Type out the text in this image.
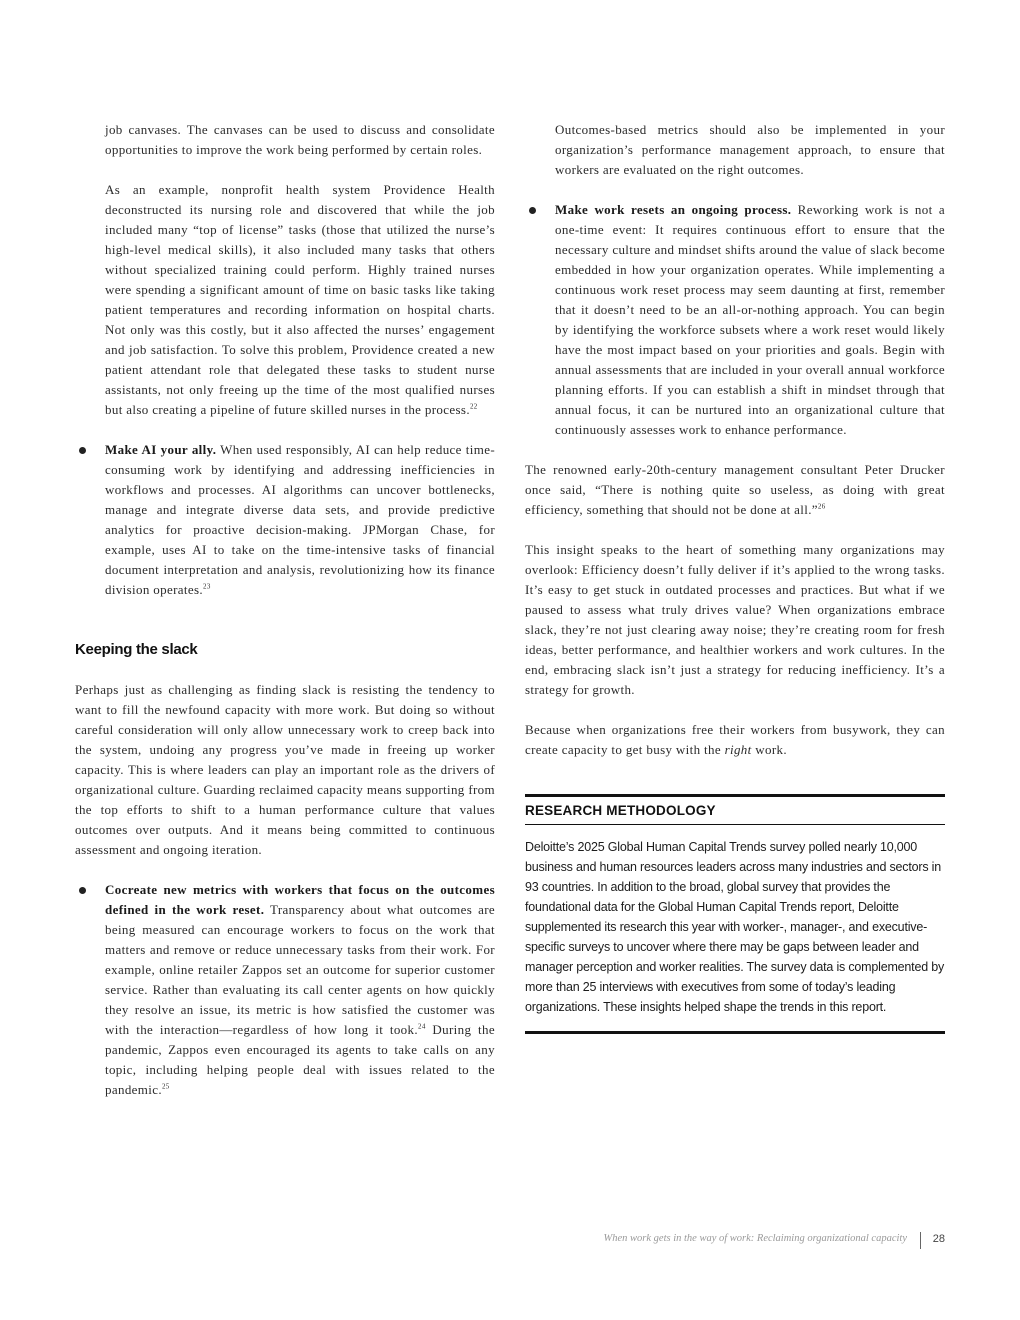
job canvases. The canvases can be used to discuss and consolidate opportunities to improve the work being performed by certain roles.

As an example, nonprofit health system Providence Health deconstructed its nursing role and discovered that while the job included many “top of license” tasks (those that utilized the nurse’s high-level medical skills), it also included many tasks that others without specialized training could perform. Highly trained nurses were spending a significant amount of time on basic tasks like taking patient temperatures and recording information on hospital charts. Not only was this costly, but it also affected the nurses’ engagement and job satisfaction. To solve this problem, Providence created a new patient attendant role that delegated these tasks to student nurse assistants, not only freeing up the time of the most qualified nurses but also creating a pipeline of future skilled nurses in the process.$^{22}$

Make AI your ally. When used responsibly, AI can help reduce time-consuming work by identifying and addressing inefficiencies in workflows and processes. AI algorithms can uncover bottlenecks, manage and integrate diverse data sets, and provide predictive analytics for proactive decision-making. JPMorgan Chase, for example, uses AI to take on the time-intensive tasks of financial document interpretation and analysis, revolutionizing how its finance division operates.$^{23}$

Keeping the slack

Perhaps just as challenging as finding slack is resisting the tendency to want to fill the newfound capacity with more work. But doing so without careful consideration will only allow unnecessary work to creep back into the system, undoing any progress you’ve made in freeing up worker capacity. This is where leaders can play an important role as the drivers of organizational culture. Guarding reclaimed capacity means supporting from the top efforts to shift to a human performance culture that values outcomes over outputs. And it means being committed to continuous assessment and ongoing iteration.

Cocreate new metrics with workers that focus on the outcomes defined in the work reset. Transparency about what outcomes are being measured can encourage workers to focus on the work that matters and remove or reduce unnecessary tasks from their work. For example, online retailer Zappos set an outcome for superior customer service. Rather than evaluating its call center agents on how quickly they resolve an issue, its metric is how satisfied the customer was with the interaction—regardless of how long it took.$^{24}$ During the pandemic, Zappos even encouraged its agents to take calls on any topic, including helping people deal with issues related to the pandemic.$^{25}$

Outcomes-based metrics should also be implemented in your organization’s performance management approach, to ensure that workers are evaluated on the right outcomes.

Make work resets an ongoing process. Reworking work is not a one-time event: It requires continuous effort to ensure that the necessary culture and mindset shifts around the value of slack become embedded in how your organization operates. While implementing a continuous work reset process may seem daunting at first, remember that it doesn’t need to be an all-or-nothing approach. You can begin by identifying the workforce subsets where a work reset would likely have the most impact based on your priorities and goals. Begin with annual assessments that are included in your overall annual workforce planning efforts. If you can establish a shift in mindset through that annual focus, it can be nurtured into an organizational culture that continuously assesses work to enhance performance.

The renowned early-20th-century management consultant Peter Drucker once said, “There is nothing quite so useless, as doing with great efficiency, something that should not be done at all.”$^{26}$

This insight speaks to the heart of something many organizations may overlook: Efficiency doesn’t fully deliver if it’s applied to the wrong tasks. It’s easy to get stuck in outdated processes and practices. But what if we paused to assess what truly drives value? When organizations embrace slack, they’re not just clearing away noise; they’re creating room for fresh ideas, better performance, and healthier workers and work cultures. In the end, embracing slack isn’t just a strategy for reducing inefficiency. It’s a strategy for growth.

Because when organizations free their workers from busywork, they can create capacity to get busy with the right work.

RESEARCH METHODOLOGY
Deloitte’s 2025 Global Human Capital Trends survey polled nearly 10,000 business and human resources leaders across many industries and sectors in 93 countries. In addition to the broad, global survey that provides the foundational data for the Global Human Capital Trends report, Deloitte supplemented its research this year with worker-, manager-, and executive-specific surveys to uncover where there may be gaps between leader and manager perception and worker realities. The survey data is complemented by more than 25 interviews with executives from some of today’s leading organizations. These insights helped shape the trends in this report.
When work gets in the way of work: Reclaiming organizational capacity 28
